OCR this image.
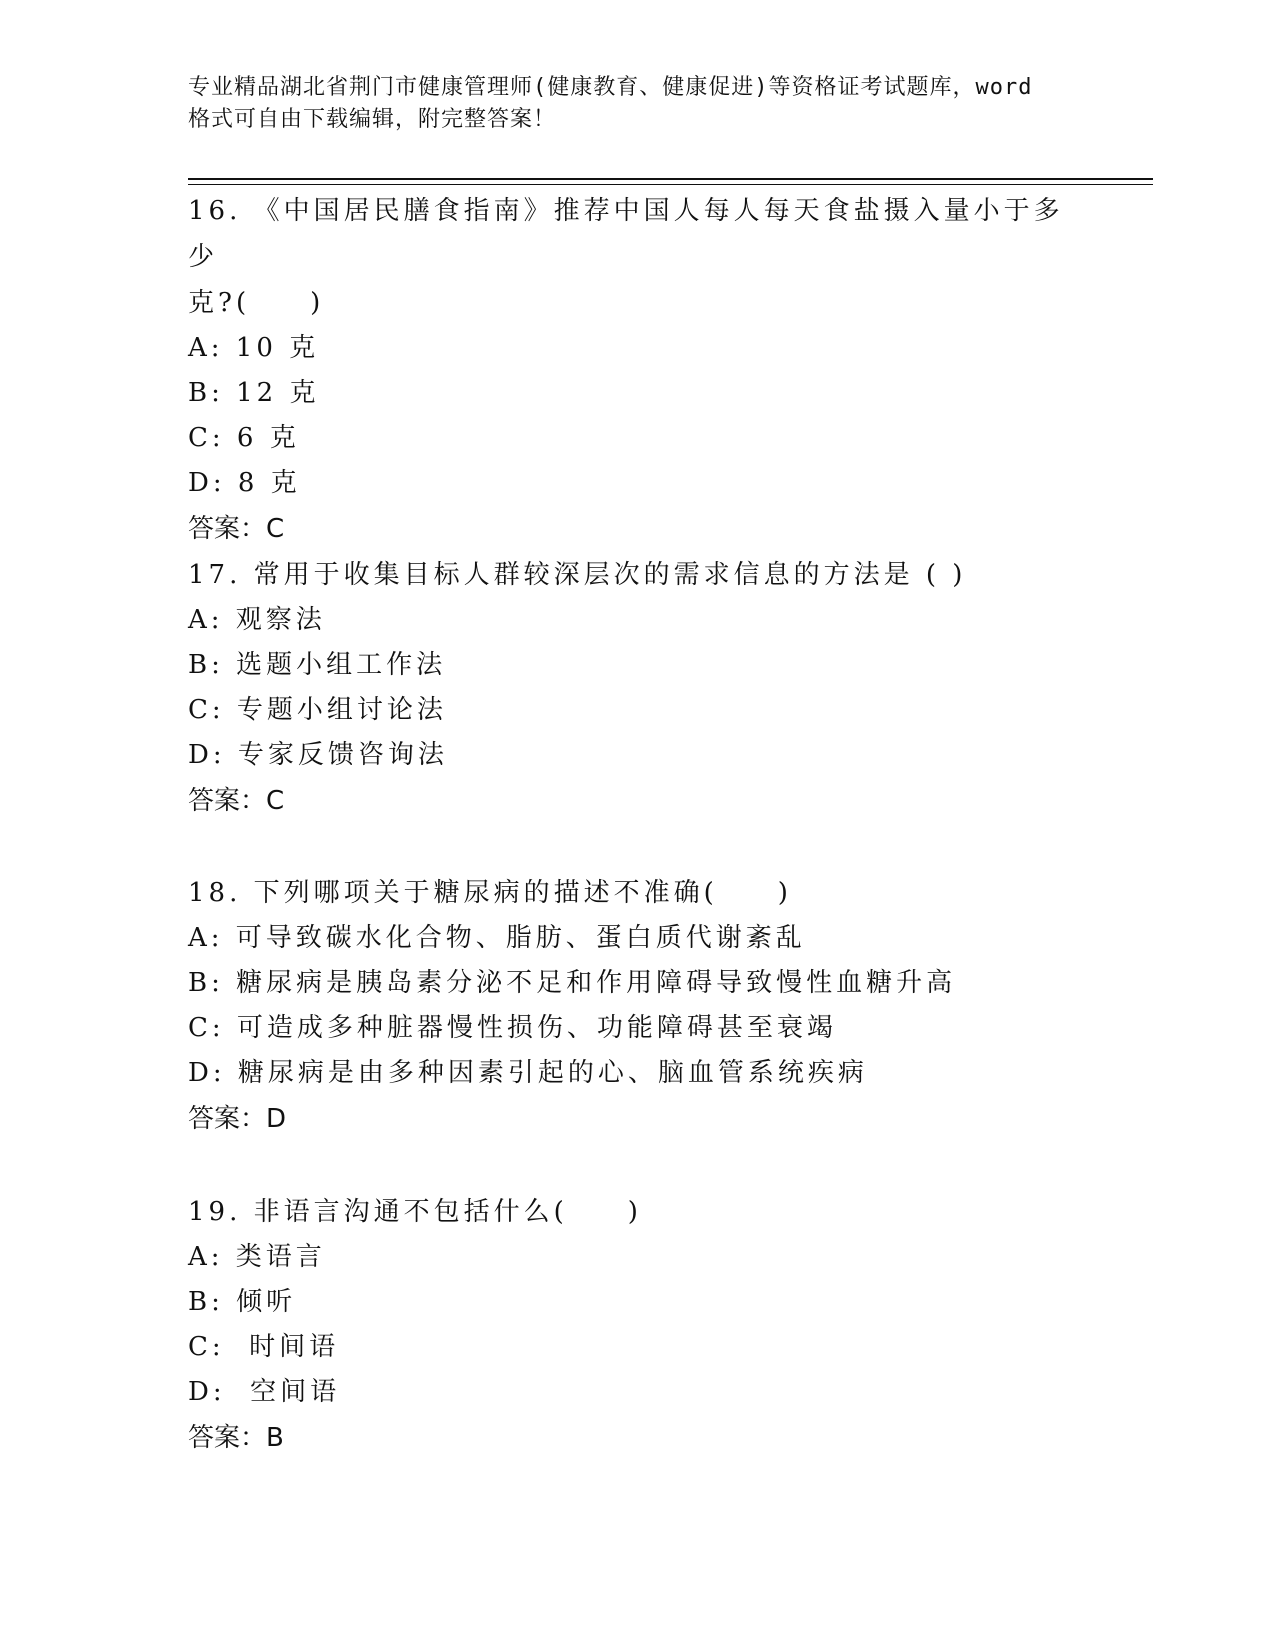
专业精品湖北省荆门市健康管理师(健康教育、健康促进)等资格证考试题库，word
格式可自由下载编辑，附完整答案！

16. 《中国居民膳食指南》推荐中国人每人每天食盐摄入量小于多少

克?(　　)

A: 10 克

B: 12 克

C: 6 克

D: 8 克

答案：C

17. 常用于收集目标人群较深层次的需求信息的方法是 ( )

A: 观察法

B: 选题小组工作法

C: 专题小组讨论法

D: 专家反馈咨询法

答案：C

18. 下列哪项关于糖尿病的描述不准确(　　)

A: 可导致碳水化合物、脂肪、蛋白质代谢紊乱

B: 糖尿病是胰岛素分泌不足和作用障碍导致慢性血糖升高

C: 可造成多种脏器慢性损伤、功能障碍甚至衰竭

D: 糖尿病是由多种因素引起的心、脑血管系统疾病

答案：D

19. 非语言沟通不包括什么(　　)

A: 类语言

B: 倾听

C:  时间语

D:  空间语

答案：B
